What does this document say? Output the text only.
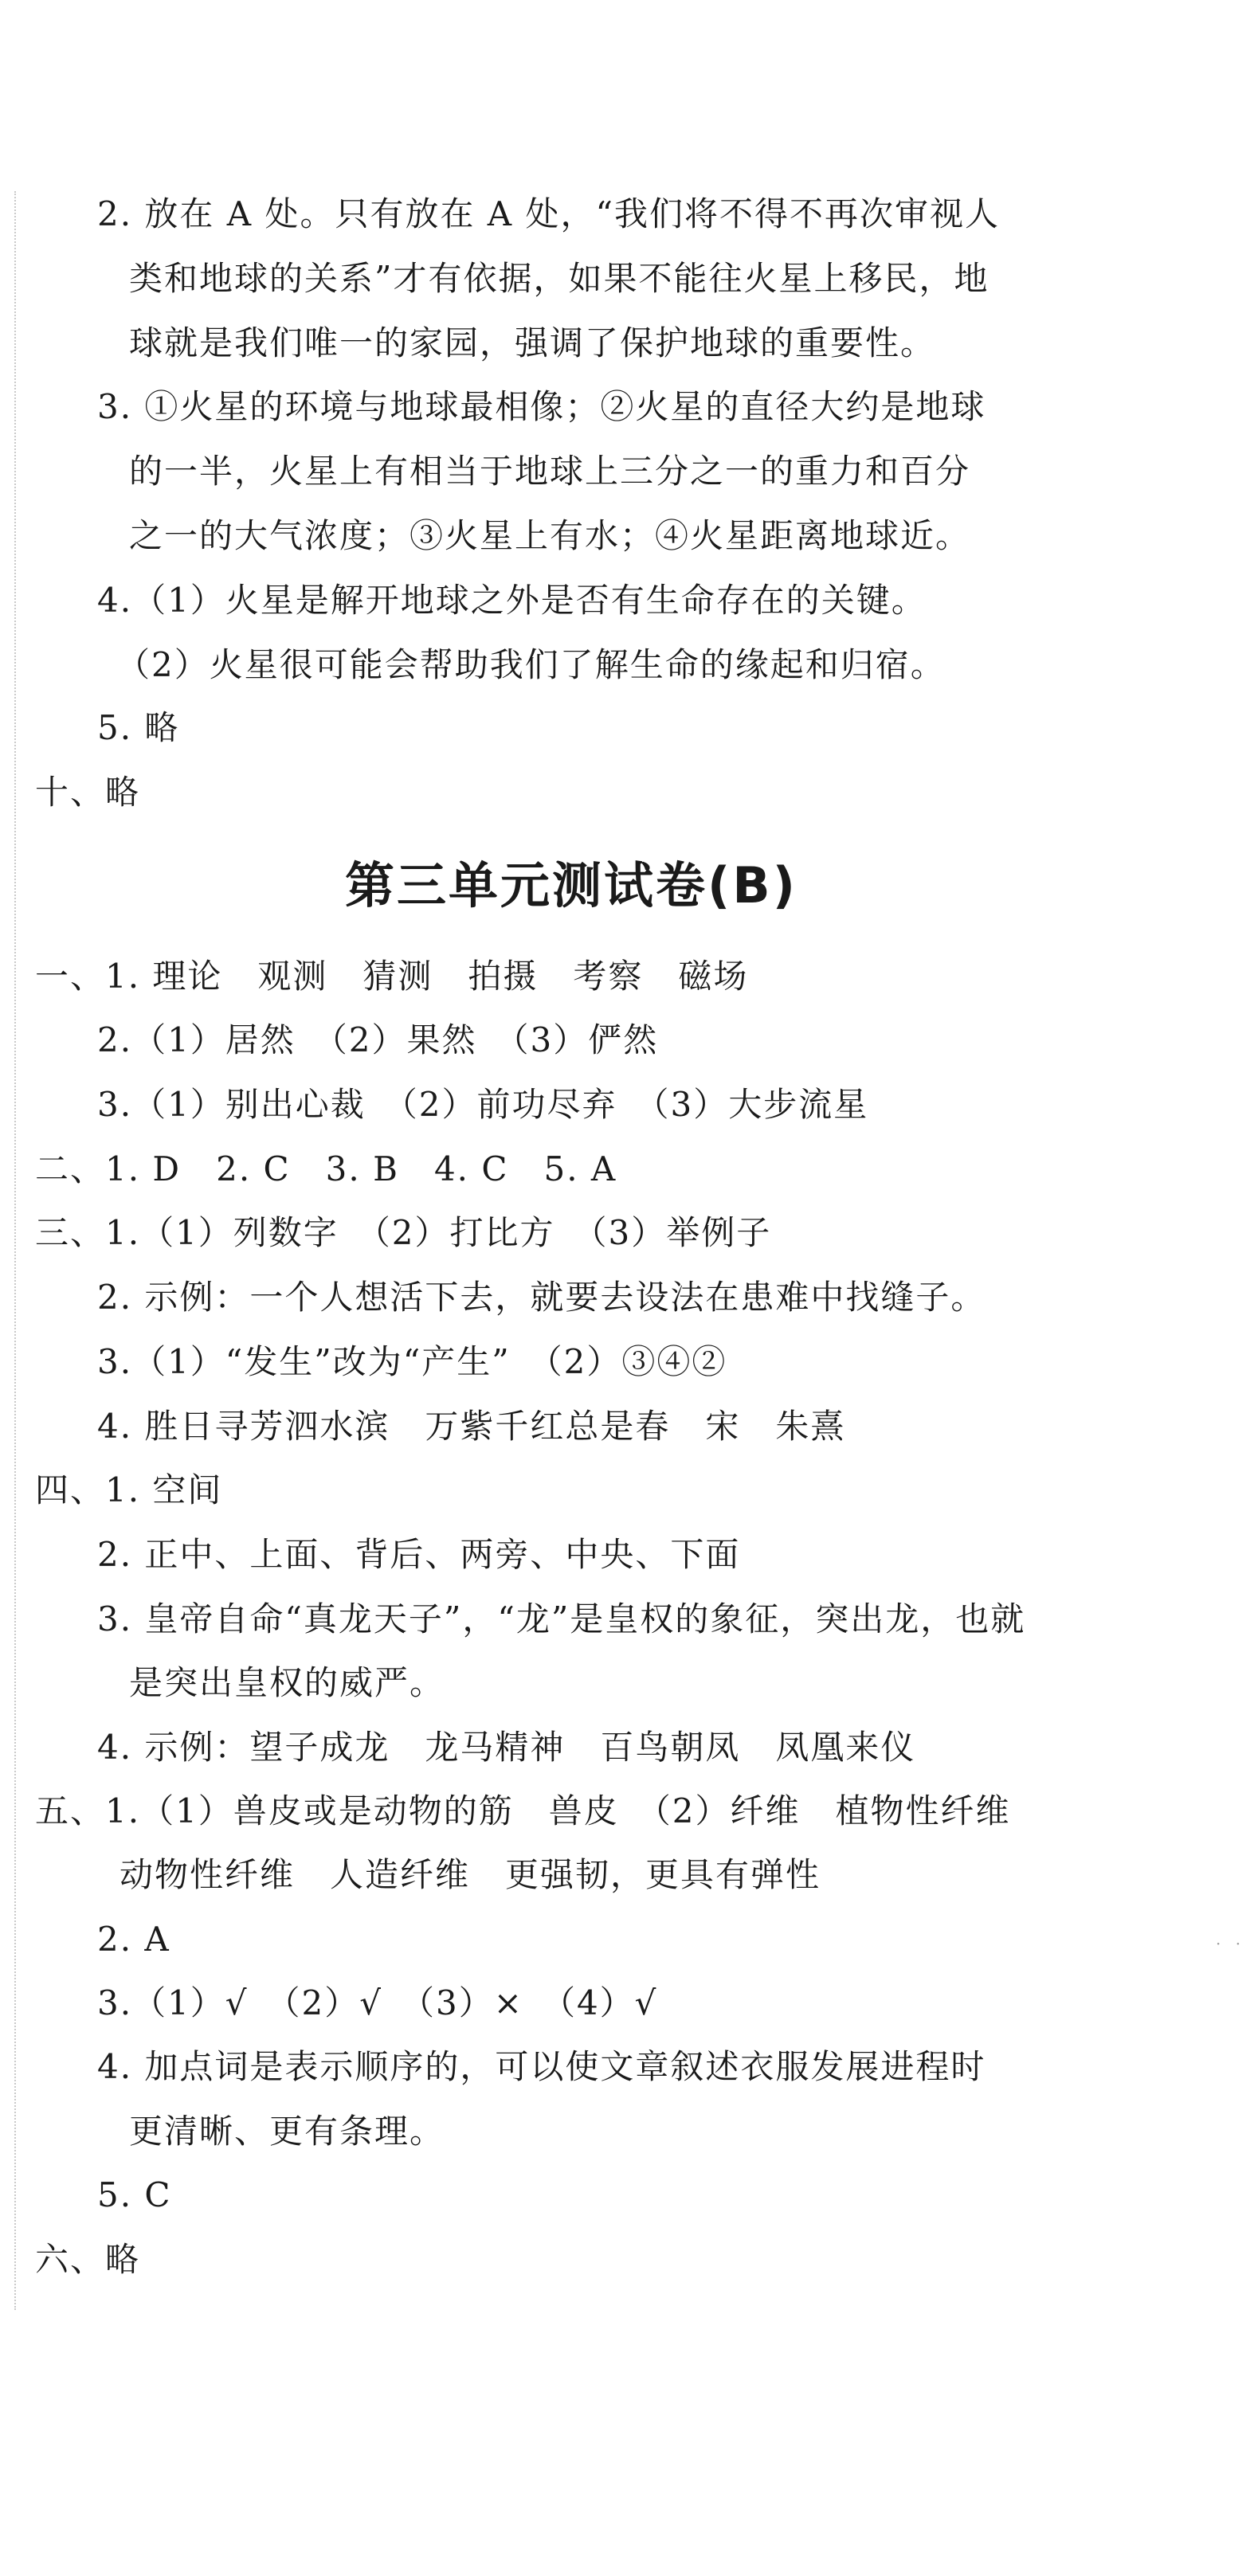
2. 放在 A 处。只有放在 A 处，“我们将不得不再次审视人
类和地球的关系”才有依据，如果不能往火星上移民，地
球就是我们唯一的家园，强调了保护地球的重要性。
3. ①火星的环境与地球最相像；②火星的直径大约是地球
的一半，火星上有相当于地球上三分之一的重力和百分
之一的大气浓度；③火星上有水；④火星距离地球近。
4.（1）火星是解开地球之外是否有生命存在的关键。
（2）火星很可能会帮助我们了解生命的缘起和归宿。
5. 略
十、略
第三单元测试卷(B)
一、1. 理论　观测　猜测　拍摄　考察　磁场
2.（1）居然　（2）果然　（3）俨然
3.（1）别出心裁　（2）前功尽弃　（3）大步流星
二、1. D　2. C　3. B　4. C　5. A
三、1.（1）列数字　（2）打比方　（3）举例子
2. 示例：一个人想活下去，就要去设法在患难中找缝子。
3.（1）“发生”改为“产生”　（2）③④②
4. 胜日寻芳泗水滨　万紫千红总是春　宋　朱熹
四、1. 空间
2. 正中、上面、背后、两旁、中央、下面
3. 皇帝自命“真龙天子”，“龙”是皇权的象征，突出龙，也就
是突出皇权的威严。
4. 示例：望子成龙　龙马精神　百鸟朝凤　凤凰来仪
五、1.（1）兽皮或是动物的筋　兽皮　（2）纤维　植物性纤维
动物性纤维　人造纤维　更强韧，更具有弹性
2. A
3.（1）√　（2）√　（3）×　（4）√
4. 加点词是表示顺序的，可以使文章叙述衣服发展进程时
更清晰、更有条理。
5. C
六、略
· ·
